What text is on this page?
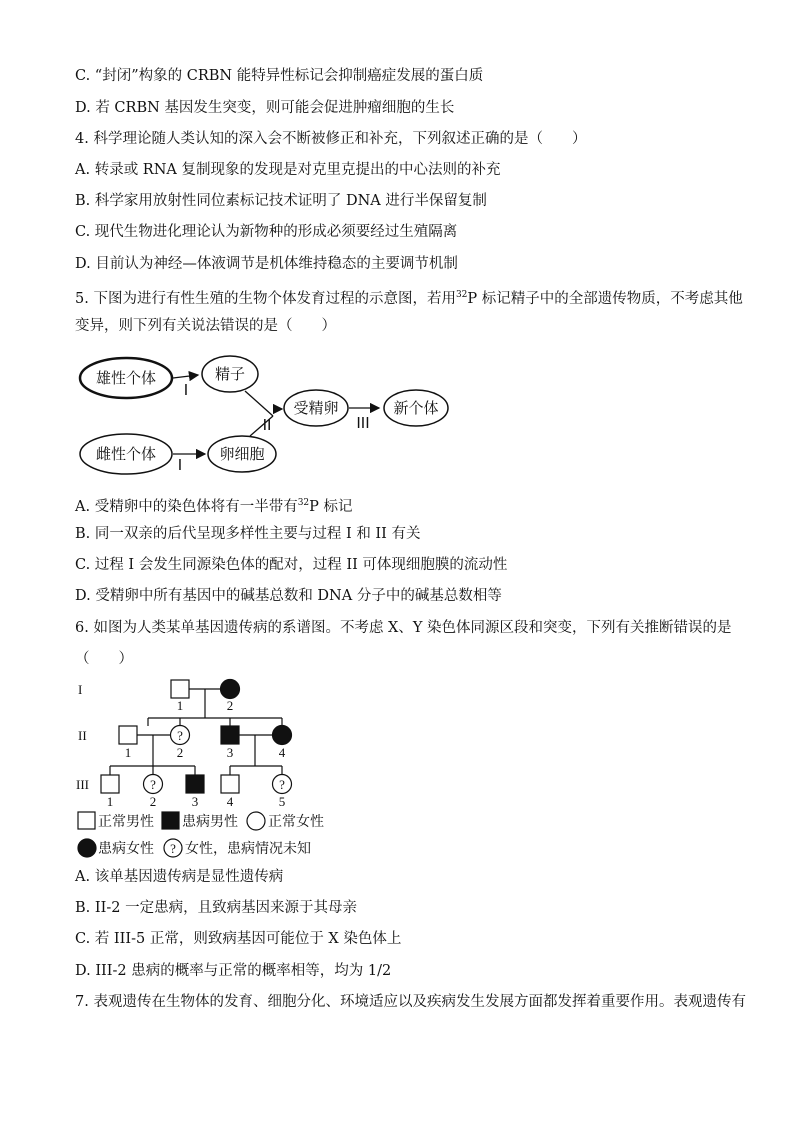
C. “封闭”构象的 CRBN 能特异性标记会抑制癌症发展的蛋白质
D. 若 CRBN 基因发生突变，则可能会促进肿瘤细胞的生长
4. 科学理论随人类认知的深入会不断被修正和补充，下列叙述正确的是（　　）
A. 转录或 RNA 复制现象的发现是对克里克提出的中心法则的补充
B. 科学家用放射性同位素标记技术证明了 DNA 进行半保留复制
C. 现代生物进化理论认为新物种的形成必须要经过生殖隔离
D. 目前认为神经—体液调节是机体维持稳态的主要调节机制
5. 下图为进行有性生殖的生物个体发育过程的示意图，若用$^{32}$P 标记精子中的全部遗传物质，不考虑其他
变异，则下列有关说法错误的是（　　）
雄性个体	精子
I
雌性个体	卵细胞
I
II
受精卵
III
新个体
A. 受精卵中的染色体将有一半带有$^{32}$P 标记
B. 同一双亲的后代呈现多样性主要与过程 I 和 II 有关
C. 过程 I 会发生同源染色体的配对，过程 II 可体现细胞膜的流动性
D. 受精卵中所有基因中的碱基总数和 DNA 分子中的碱基总数相等
6. 如图为人类某单基因遗传病的系谱图。不考虑 X、Y 染色体同源区段和突变，下列有关推断错误的是
（　　）
?
?	?
I
II
III
1	2
1	2	3	4
1	2	3 4	5
?
正常男性 患病男性 正常女性
患病女性 女性，患病情况未知
A. 该单基因遗传病是显性遗传病
B. II-2 一定患病，且致病基因来源于其母亲
C. 若 III-5 正常，则致病基因可能位于 X 染色体上
D. III-2 患病的概率与正常的概率相等，均为 1/2
7. 表观遗传在生物体的发育、细胞分化、环境适应以及疾病发生发展方面都发挥着重要作用。表观遗传有
